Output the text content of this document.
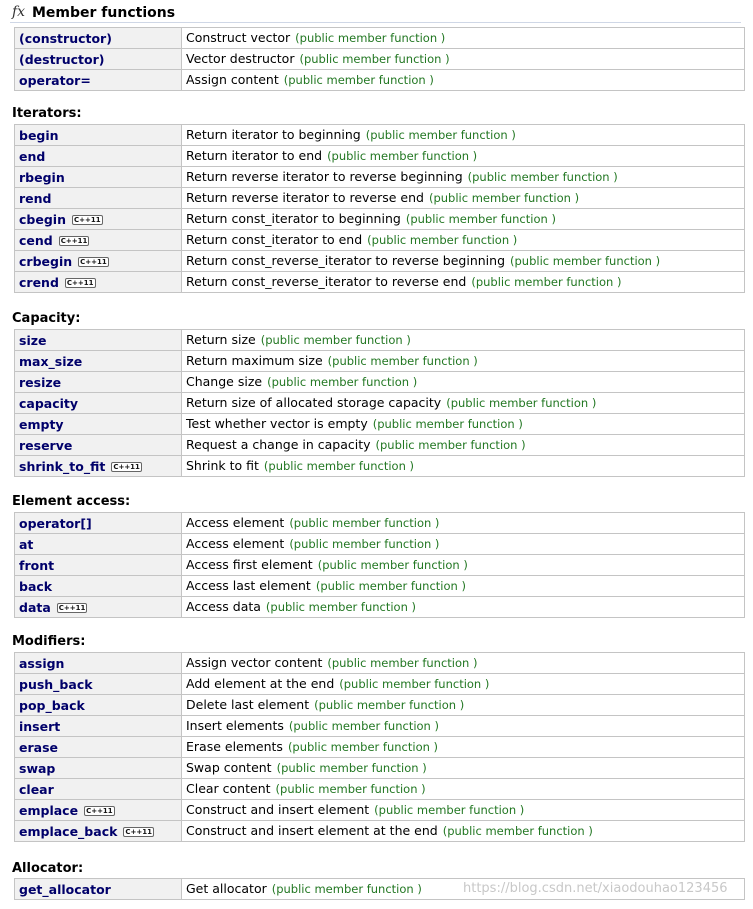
fx Member functions
(constructor)	Construct vector (public member function )
(destructor)	Vector destructor (public member function )
operator=	Assign content (public member function )
Iterators:
begin	Return iterator to beginning (public member function )
end	Return iterator to end (public member function )
rbegin	Return reverse iterator to reverse beginning (public member function )
rend	Return reverse iterator to reverse end (public member function )
cbegin C++11	Return const_iterator to beginning (public member function )
cend C++11	Return const_iterator to end (public member function )
crbegin C++11	Return const_reverse_iterator to reverse beginning (public member function )
crend C++11	Return const_reverse_iterator to reverse end (public member function )
Capacity:
size	Return size (public member function )
max_size	Return maximum size (public member function )
resize	Change size (public member function )
capacity	Return size of allocated storage capacity (public member function )
empty	Test whether vector is empty (public member function )
reserve	Request a change in capacity (public member function )
shrink_to_fit C++11	Shrink to fit (public member function )
Element access:
operator[]	Access element (public member function )
at	Access element (public member function )
front	Access first element (public member function )
back	Access last element (public member function )
data C++11	Access data (public member function )
Modifiers:
assign	Assign vector content (public member function )
push_back	Add element at the end (public member function )
pop_back	Delete last element (public member function )
insert	Insert elements (public member function )
erase	Erase elements (public member function )
swap	Swap content (public member function )
clear	Clear content (public member function )
emplace C++11	Construct and insert element (public member function )
emplace_back C++11	Construct and insert element at the end (public member function )
Allocator:
get_allocator	Get allocator (public member function )	https://blog.csdn.net/xiaodouhao123456
